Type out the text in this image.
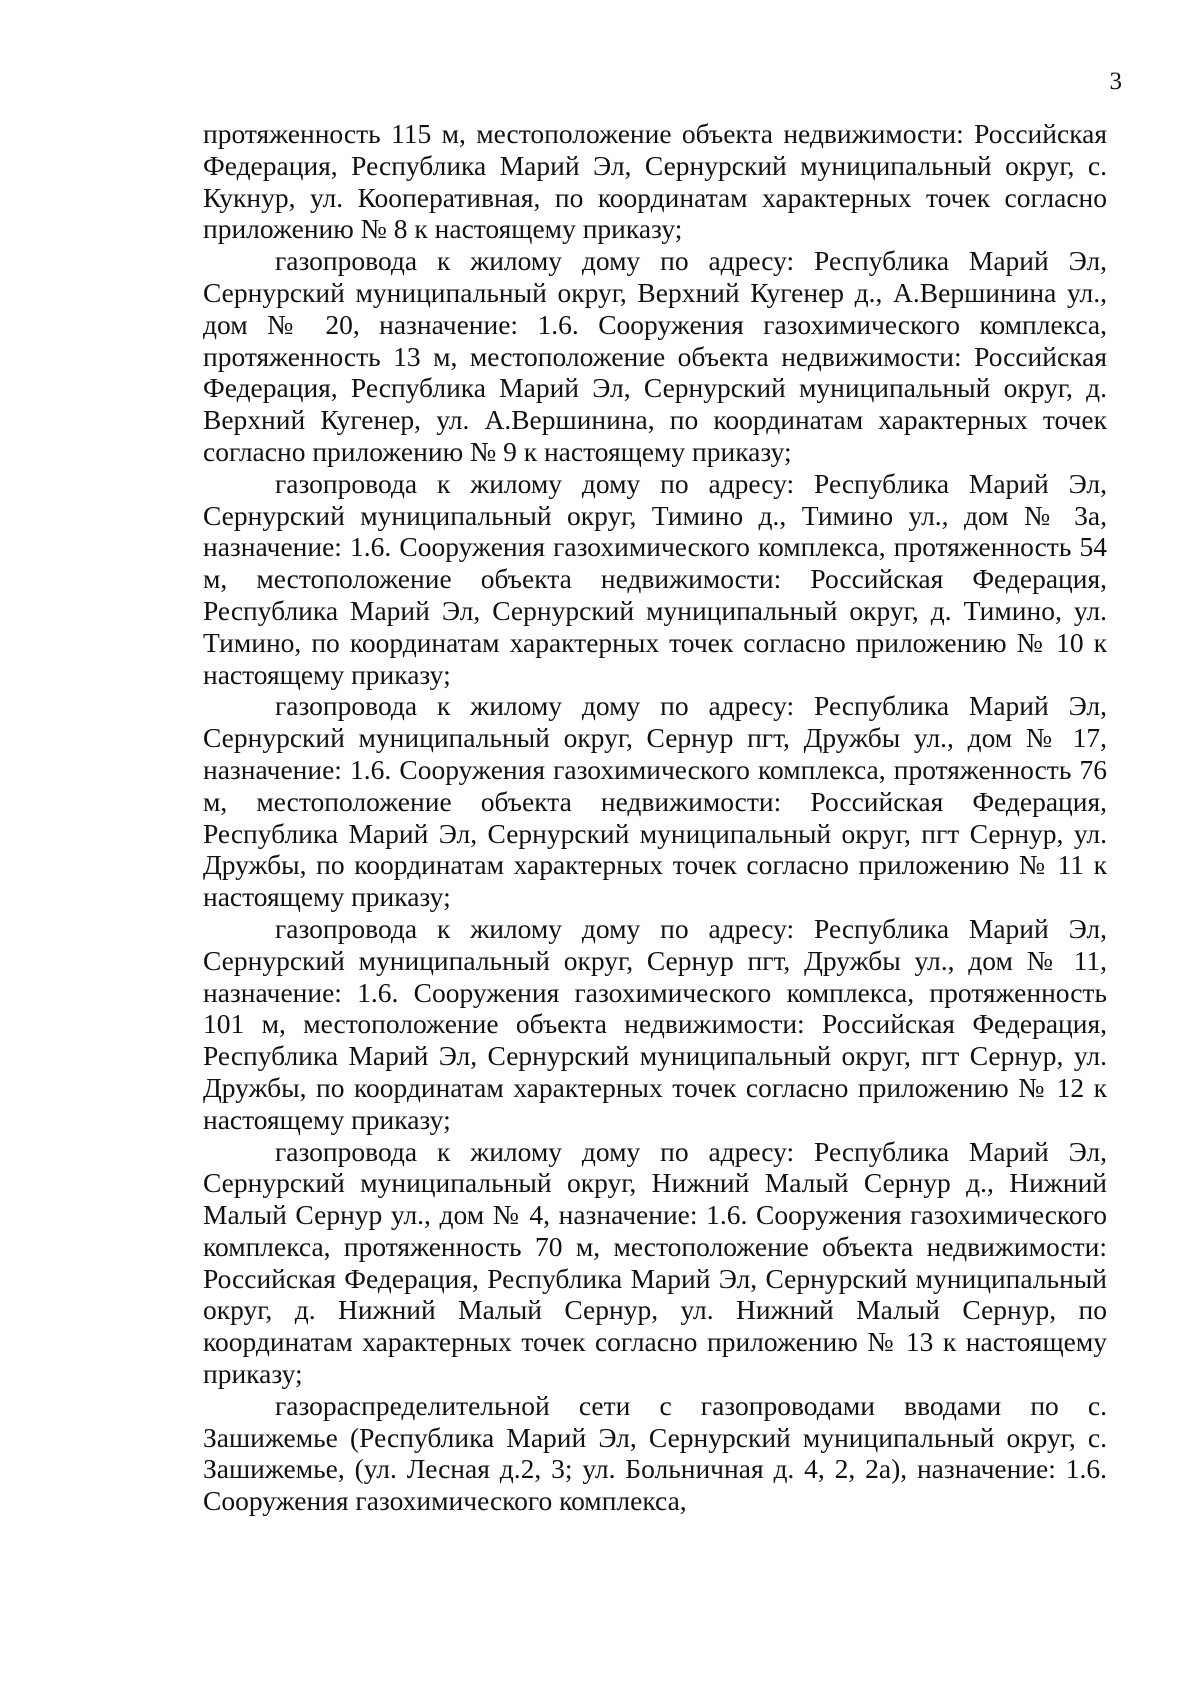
3

протяженность 115 м, местоположение объекта недвижимости: Российская Федерация, Республика Марий Эл, Сернурский муниципальный округ, с. Кукнур, ул. Кооперативная, по координатам характерных точек согласно приложению № 8 к настоящему приказу;

газопровода к жилому дому по адресу: Республика Марий Эл, Сернурский муниципальный округ, Верхний Кугенер д., А.Вершинина ул., дом № 20, назначение: 1.6. Сооружения газохимического комплекса, протяженность 13 м, местоположение объекта недвижимости: Российская Федерация, Республика Марий Эл, Сернурский муниципальный округ, д. Верхний Кугенер, ул. А.Вершинина, по координатам характерных точек согласно приложению № 9 к настоящему приказу;

газопровода к жилому дому по адресу: Республика Марий Эл, Сернурский муниципальный округ, Тимино д., Тимино ул., дом № 3а, назначение: 1.6. Сооружения газохимического комплекса, протяженность 54 м, местоположение объекта недвижимости: Российская Федерация, Республика Марий Эл, Сернурский муниципальный округ, д. Тимино, ул. Тимино, по координатам характерных точек согласно приложению № 10 к настоящему приказу;

газопровода к жилому дому по адресу: Республика Марий Эл, Сернурский муниципальный округ, Сернур пгт, Дружбы ул., дом № 17, назначение: 1.6. Сооружения газохимического комплекса, протяженность 76 м, местоположение объекта недвижимости: Российская Федерация, Республика Марий Эл, Сернурский муниципальный округ, пгт Сернур, ул. Дружбы, по координатам характерных точек согласно приложению № 11 к настоящему приказу;

газопровода к жилому дому по адресу: Республика Марий Эл, Сернурский муниципальный округ, Сернур пгт, Дружбы ул., дом № 11, назначение: 1.6. Сооружения газохимического комплекса, протяженность 101 м, местоположение объекта недвижимости: Российская Федерация, Республика Марий Эл, Сернурский муниципальный округ, пгт Сернур, ул. Дружбы, по координатам характерных точек согласно приложению № 12 к настоящему приказу;

газопровода к жилому дому по адресу: Республика Марий Эл, Сернурский муниципальный округ, Нижний Малый Сернур д., Нижний Малый Сернур ул., дом № 4, назначение: 1.6. Сооружения газохимического комплекса, протяженность 70 м, местоположение объекта недвижимости: Российская Федерация, Республика Марий Эл, Сернурский муниципальный округ, д. Нижний Малый Сернур, ул. Нижний Малый Сернур, по координатам характерных точек согласно приложению № 13 к настоящему приказу;

газораспределительной сети с газопроводами вводами по с. Зашижемье (Республика Марий Эл, Сернурский муниципальный округ, с. Зашижемье, (ул. Лесная д.2, 3; ул. Больничная д. 4, 2, 2а), назначение: 1.6. Сооружения газохимического комплекса,
